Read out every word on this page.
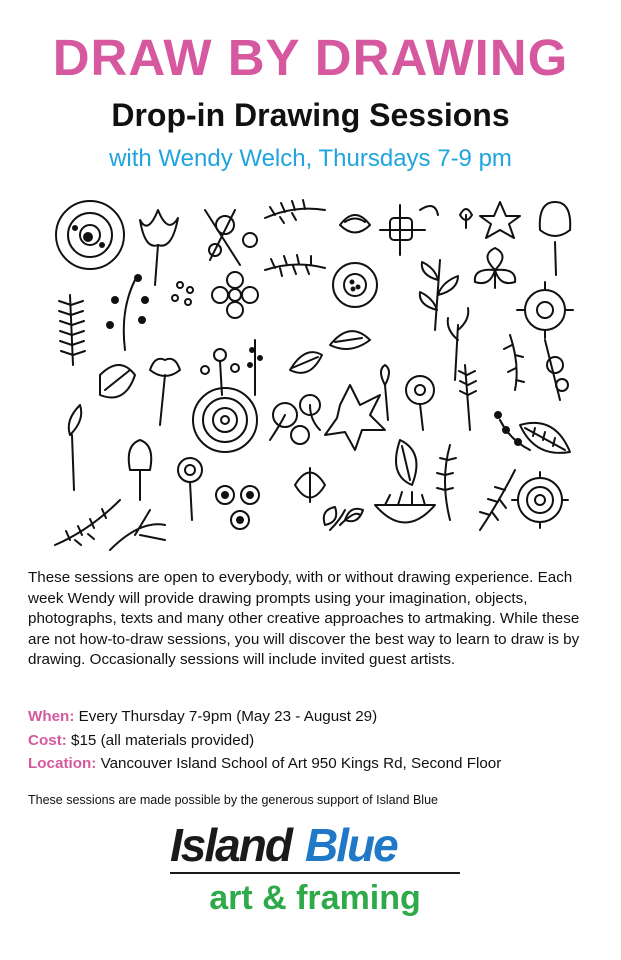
DRAW BY DRAWING
Drop-in Drawing Sessions
with Wendy Welch, Thursdays 7-9 pm
These sessions are open to everybody, with or without drawing experience. Each week Wendy will provide drawing prompts using your imagination, objects, photographs, texts and many other creative approaches to artmaking. While these are not how-to-draw sessions, you will discover the best way to learn to draw is by drawing. Occasionally sessions will include invited guest artists.
When: Every Thursday 7-9pm (May 23 - August 29)
Cost: $15 (all materials provided)
Location: Vancouver Island School of Art 950 Kings Rd, Second Floor
These sessions are made possible by the generous support of Island Blue
Island Blue
art & framing
